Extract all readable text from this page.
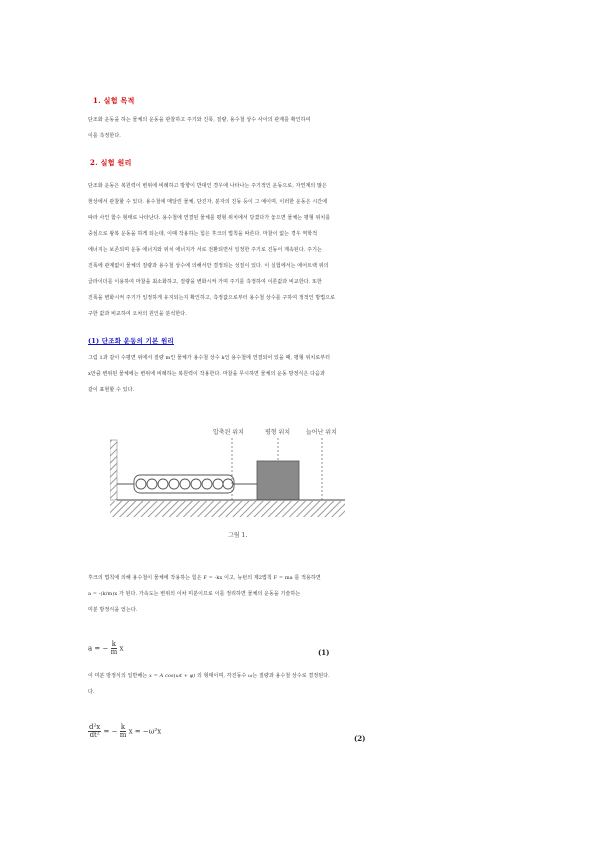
1. 실험 목적
단조화 운동을 하는 물체의 운동을 관찰하고 주기와 진폭, 질량, 용수철 상수 사이의 관계를 확인하여
이를 측정한다.
2. 실험 원리
단조화 운동은 복원력이 변위에 비례하고 방향이 반대인 경우에 나타나는 주기적인 운동으로, 자연계의 많은
현상에서 관찰할 수 있다. 용수철에 매달린 물체, 단진자, 분자의 진동 등이 그 예이며, 이러한 운동은 시간에
따라 사인 함수 형태로 나타난다. 용수철에 연결된 물체를 평형 위치에서 당겼다가 놓으면 물체는 평형 위치를
중심으로 왕복 운동을 하게 되는데, 이때 작용하는 힘은 후크의 법칙을 따른다. 마찰이 없는 경우 역학적
에너지는 보존되며 운동 에너지와 위치 에너지가 서로 전환되면서 일정한 주기로 진동이 계속된다. 주기는
진폭에 관계없이 물체의 질량과 용수철 상수에 의해서만 결정되는 성질이 있다. 이 실험에서는 에어트랙 위의
글라이더를 이용하여 마찰을 최소화하고, 질량을 변화시켜 가며 주기를 측정하여 이론값과 비교한다. 또한
진폭을 변화시켜 주기가 일정하게 유지되는지 확인하고, 측정값으로부터 용수철 상수를 구하여 정적인 방법으로
구한 값과 비교하여 오차의 원인을 분석한다.
(1) 단조화 운동의 기본 원리
그림 1과 같이 수평면 위에서 질량 m인 물체가 용수철 상수 k인 용수철에 연결되어 있을 때, 평형 위치로부터
x만큼 변위된 물체에는 변위에 비례하는 복원력이 작용한다. 마찰을 무시하면 물체의 운동 방정식은 다음과
같이 표현할 수 있다.
압축된 위치	평형 위치	늘어난 위치
그림 1.
후크의 법칙에 의해 용수철이 물체에 작용하는 힘은 F = -kx 이고, 뉴턴의 제2법칙 F = ma 를 적용하면
a = -(k/m)x 가 된다. 가속도는 변위의 이차 미분이므로 이를 정리하면 물체의 운동을 기술하는
미분 방정식을 얻는다.
a = − $\frac{k}{m}$ x	(1)
이 미분 방정식의 일반해는 x = A cos(ωt + φ) 의 형태이며, 각진동수 ω는 질량과 용수철 상수로 결정된다.
다.
$\frac{\text{d²x}}{\text{dt²}}$ = − $\frac{k}{m}$ x = −ω²x
(2)
